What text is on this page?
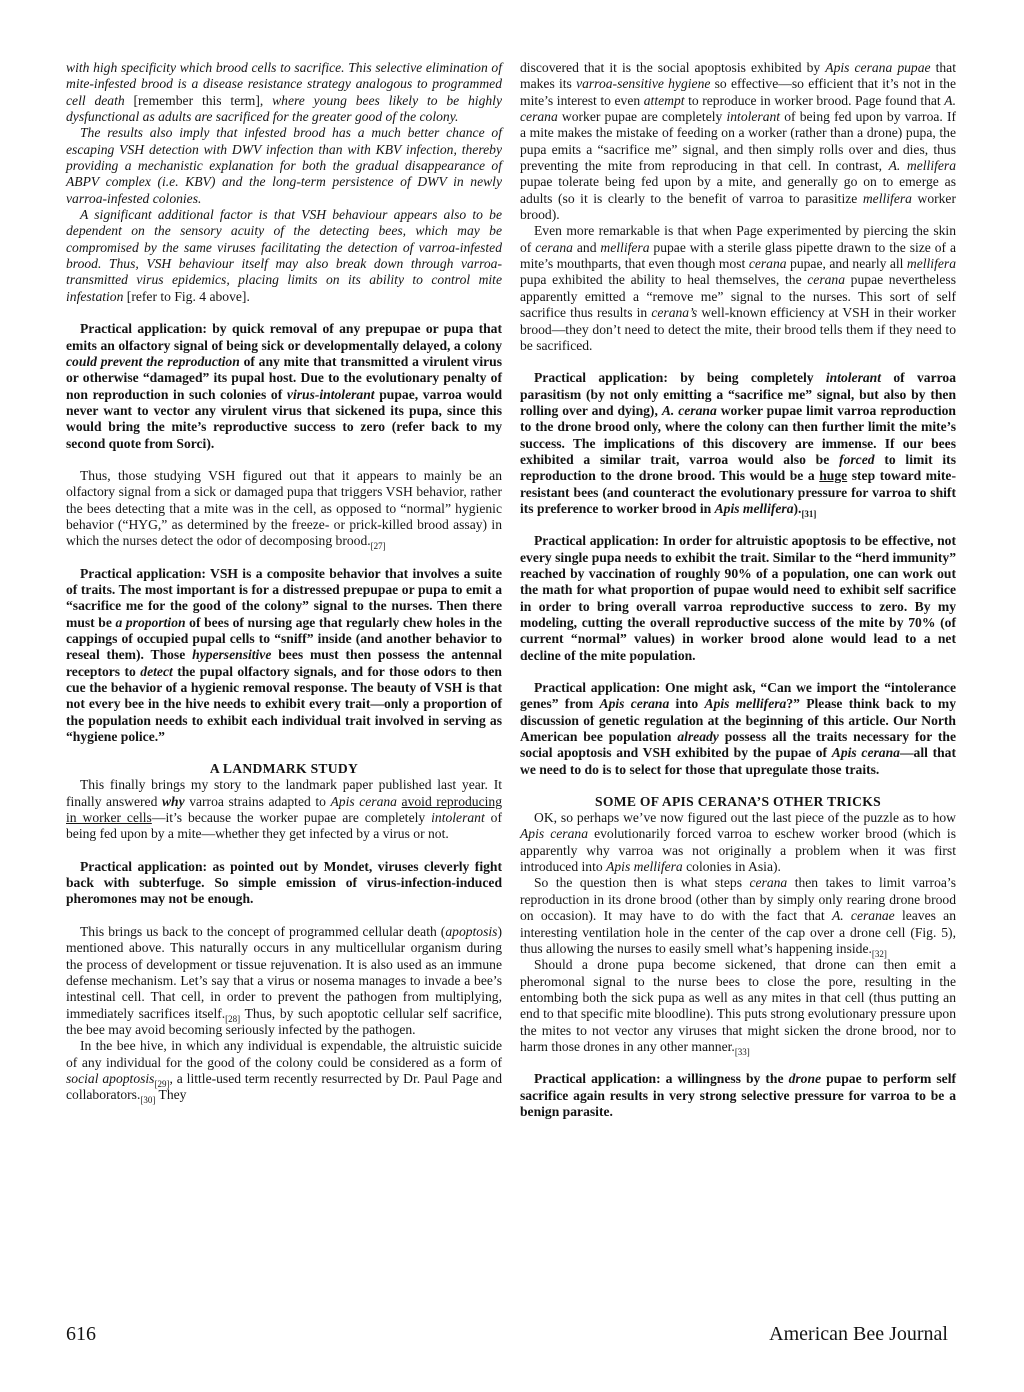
with high specificity which brood cells to sacrifice. This selective elimination of mite-infested brood is a disease resistance strategy analogous to programmed cell death [remember this term], where young bees likely to be highly dysfunctional as adults are sacrificed for the greater good of the colony.

The results also imply that infested brood has a much better chance of escaping VSH detection with DWV infection than with KBV infection, thereby providing a mechanistic explanation for both the gradual disappearance of ABPV complex (i.e. KBV) and the long-term persistence of DWV in newly varroa-infested colonies.

A significant additional factor is that VSH behaviour appears also to be dependent on the sensory acuity of the detecting bees, which may be compromised by the same viruses facilitating the detection of varroa-infested brood. Thus, VSH behaviour itself may also break down through varroa-transmitted virus epidemics, placing limits on its ability to control mite infestation [refer to Fig. 4 above].

Practical application: by quick removal of any prepupae or pupa that emits an olfactory signal of being sick or developmentally delayed, a colony could prevent the reproduction of any mite that transmitted a virulent virus or otherwise “damaged” its pupal host. Due to the evolutionary penalty of non reproduction in such colonies of virus-intolerant pupae, varroa would never want to vector any virulent virus that sickened its pupa, since this would bring the mite’s reproductive success to zero (refer back to my second quote from Sorci).

Thus, those studying VSH figured out that it appears to mainly be an olfactory signal from a sick or damaged pupa that triggers VSH behavior, rather the bees detecting that a mite was in the cell, as opposed to “normal” hygienic behavior (“HYG,” as determined by the freeze- or prick-killed brood assay) in which the nurses detect the odor of decomposing $brood._{[27]}$

Practical application: VSH is a composite behavior that involves a suite of traits. The most important is for a distressed prepupae or pupa to emit a “sacrifice me for the good of the colony” signal to the nurses. Then there must be a proportion of bees of nursing age that regularly chew holes in the cappings of occupied pupal cells to “sniff” inside (and another behavior to reseal them). Those hypersensitive bees must then possess the antennal receptors to detect the pupal olfactory signals, and for those odors to then cue the behavior of a hygienic removal response. The beauty of VSH is that not every bee in the hive needs to exhibit every trait—only a proportion of the population needs to exhibit each individual trait involved in serving as “hygiene police.”

A LANDMARK STUDY

This finally brings my story to the landmark paper published last year. It finally answered why varroa strains adapted to Apis cerana avoid reproducing in worker cells—it’s because the worker pupae are completely intolerant of being fed upon by a mite—whether they get infected by a virus or not.

Practical application: as pointed out by Mondet, viruses cleverly fight back with subterfuge. So simple emission of virus-infection-induced pheromones may not be enough.

This brings us back to the concept of programmed cellular death (apoptosis) mentioned above. This naturally occurs in any multicellular organism during the process of development or tissue rejuvenation. It is also used as an immune defense mechanism. Let’s say that a virus or nosema manages to invade a bee’s intestinal cell. That cell, in order to prevent the pathogen from multiplying, immediately sacrifices $itself._{[28]}$ Thus, by such apoptotic cellular self sacrifice, the bee may avoid becoming seriously infected by the pathogen.

In the bee hive, in which any individual is expendable, the altruistic suicide of any individual for the good of the colony could be considered as a form of social apoptosis$_{[29]}$, a little-used term recently resurrected by Dr. Paul Page and $collaborators._{[30]}$ They

discovered that it is the social apoptosis exhibited by Apis cerana pupae that makes its varroa-sensitive hygiene so effective—so efficient that it’s not in the mite’s interest to even attempt to reproduce in worker brood. Page found that A. cerana worker pupae are completely intolerant of being fed upon by varroa. If a mite makes the mistake of feeding on a worker (rather than a drone) pupa, the pupa emits a “sacrifice me” signal, and then simply rolls over and dies, thus preventing the mite from reproducing in that cell. In contrast, A. mellifera pupae tolerate being fed upon by a mite, and generally go on to emerge as adults (so it is clearly to the benefit of varroa to parasitize mellifera worker brood).

Even more remarkable is that when Page experimented by piercing the skin of cerana and mellifera pupae with a sterile glass pipette drawn to the size of a mite’s mouthparts, that even though most cerana pupae, and nearly all mellifera pupa exhibited the ability to heal themselves, the cerana pupae nevertheless apparently emitted a “remove me” signal to the nurses. This sort of self sacrifice thus results in cerana’s well-known efficiency at VSH in their worker brood—they don’t need to detect the mite, their brood tells them if they need to be sacrificed.

Practical application: by being completely intolerant of varroa parasitism (by not only emitting a “sacrifice me” signal, but also by then rolling over and dying), A. cerana worker pupae limit varroa reproduction to the drone brood only, where the colony can then further limit the mite’s success. The implications of this discovery are immense. If our bees exhibited a similar trait, varroa would also be forced to limit its reproduction to the drone brood. This would be a huge step toward mite-resistant bees (and counteract the evolutionary pressure for varroa to shift its preference to worker brood in Apis $mellifera)._{[31]}$

Practical application: In order for altruistic apoptosis to be effective, not every single pupa needs to exhibit the trait. Similar to the “herd immunity” reached by vaccination of roughly 90% of a population, one can work out the math for what proportion of pupae would need to exhibit self sacrifice in order to bring overall varroa reproductive success to zero. By my modeling, cutting the overall reproductive success of the mite by 70% (of current “normal” values) in worker brood alone would lead to a net decline of the mite population.

Practical application: One might ask, “Can we import the “intolerance genes” from Apis cerana into Apis mellifera?” Please think back to my discussion of genetic regulation at the beginning of this article. Our North American bee population already possess all the traits necessary for the social apoptosis and VSH exhibited by the pupae of Apis cerana—all that we need to do is to select for those that upregulate those traits.

SOME OF APIS CERANA’S OTHER TRICKS

OK, so perhaps we’ve now figured out the last piece of the puzzle as to how Apis cerana evolutionarily forced varroa to eschew worker brood (which is apparently why varroa was not originally a problem when it was first introduced into Apis mellifera colonies in Asia).

So the question then is what steps cerana then takes to limit varroa’s reproduction in its drone brood (other than by simply only rearing drone brood on occasion). It may have to do with the fact that A. ceranae leaves an interesting ventilation hole in the center of the cap over a drone cell (Fig. 5), thus allowing the nurses to easily smell what’s happening $inside._{[32]}$

Should a drone pupa become sickened, that drone can then emit a pheromonal signal to the nurse bees to close the pore, resulting in the entombing both the sick pupa as well as any mites in that cell (thus putting an end to that specific mite bloodline). This puts strong evolutionary pressure upon the mites to not vector any viruses that might sicken the drone brood, nor to harm those drones in any other $manner._{[33]}$

Practical application: a willingness by the drone pupae to perform self sacrifice again results in very strong selective pressure for varroa to be a benign parasite.

616	American Bee Journal
